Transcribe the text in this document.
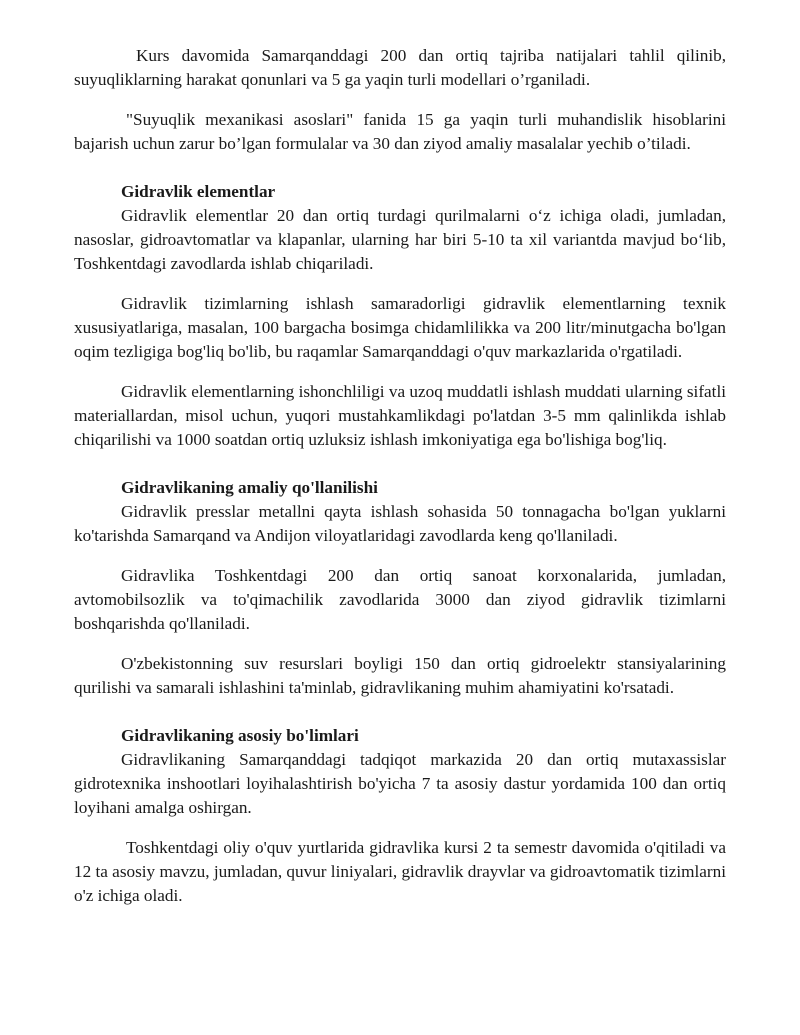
Kurs davomida Samarqanddagi 200 dan ortiq tajriba natijalari tahlil qilinib, suyuqliklarning harakat qonunlari va 5 ga yaqin turli modellari o’rganiladi.

"Suyuqlik mexanikasi asoslari" fanida 15 ga yaqin turli muhandislik hisoblarini bajarish uchun zarur bo’lgan formulalar va 30 dan ziyod amaliy masalalar yechib o’tiladi.

Gidravlik elementlar

Gidravlik elementlar 20 dan ortiq turdagi qurilmalarni o‘z ichiga oladi, jumladan, nasoslar, gidroavtomatlar va klapanlar, ularning har biri 5-10 ta xil variantda mavjud bo‘lib, Toshkentdagi zavodlarda ishlab chiqariladi.

Gidravlik tizimlarning ishlash samaradorligi gidravlik elementlarning texnik xususiyatlariga, masalan, 100 bargacha bosimga chidamlilikka va 200 litr/minutgacha bo'lgan oqim tezligiga bog'liq bo'lib, bu raqamlar Samarqanddagi o'quv markazlarida o'rgatiladi.

Gidravlik elementlarning ishonchliligi va uzoq muddatli ishlash muddati ularning sifatli materiallardan, misol uchun, yuqori mustahkamlikdagi po'latdan 3-5 mm qalinlikda ishlab chiqarilishi va 1000 soatdan ortiq uzluksiz ishlash imkoniyatiga ega bo'lishiga bog'liq.

Gidravlikaning amaliy qo'llanilishi

Gidravlik presslar metallni qayta ishlash sohasida 50 tonnagacha bo'lgan yuklarni ko'tarishda Samarqand va Andijon viloyatlaridagi zavodlarda keng qo'llaniladi.

Gidravlika Toshkentdagi 200 dan ortiq sanoat korxonalarida, jumladan, avtomobilsozlik va to'qimachilik zavodlarida 3000 dan ziyod gidravlik tizimlarni boshqarishda qo'llaniladi.

O'zbekistonning suv resurslari boyligi 150 dan ortiq gidroelektr stansiyalarining qurilishi va samarali ishlashini ta'minlab, gidravlikaning muhim ahamiyatini ko'rsatadi.

Gidravlikaning asosiy bo'limlari

Gidravlikaning Samarqanddagi tadqiqot markazida 20 dan ortiq mutaxassislar gidrotexnika inshootlari loyihalashtirish bo'yicha 7 ta asosiy dastur yordamida 100 dan ortiq loyihani amalga oshirgan.

Toshkentdagi oliy o'quv yurtlarida gidravlika kursi 2 ta semestr davomida o'qitiladi va 12 ta asosiy mavzu, jumladan, quvur liniyalari, gidravlik drayvlar va gidroavtomatik tizimlarni o'z ichiga oladi.
